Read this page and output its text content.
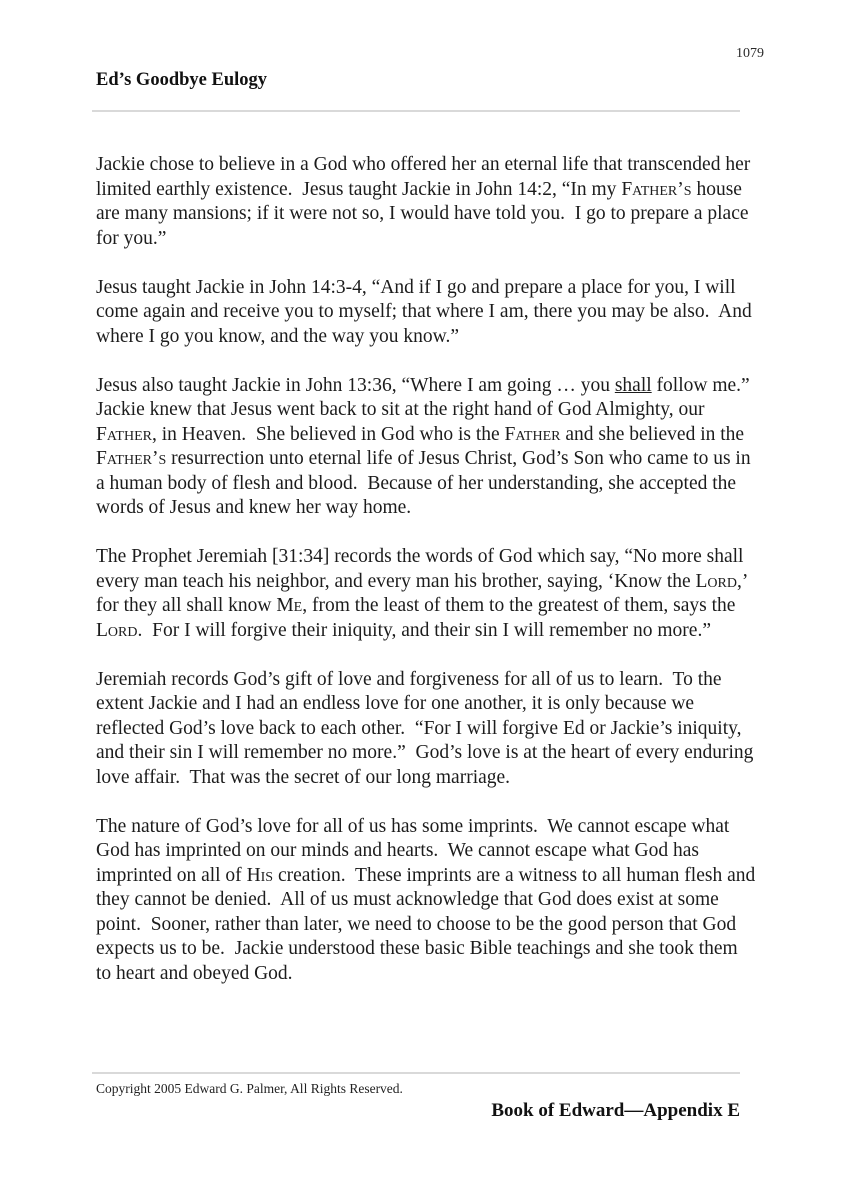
1079
Ed’s Goodbye Eulogy
Jackie chose to believe in a God who offered her an eternal life that transcended her limited earthly existence.  Jesus taught Jackie in John 14:2, “In my Father’s house are many mansions; if it were not so, I would have told you.  I go to prepare a place for you.”
Jesus taught Jackie in John 14:3-4, “And if I go and prepare a place for you, I will come again and receive you to myself; that where I am, there you may be also.  And where I go you know, and the way you know.”
Jesus also taught Jackie in John 13:36, “Where I am going … you shall follow me.”  Jackie knew that Jesus went back to sit at the right hand of God Almighty, our Father, in Heaven.  She believed in God who is the Father and she believed in the Father’s resurrection unto eternal life of Jesus Christ, God’s Son who came to us in a human body of flesh and blood.  Because of her understanding, she accepted the words of Jesus and knew her way home.
The Prophet Jeremiah [31:34] records the words of God which say, “No more shall every man teach his neighbor, and every man his brother, saying, ‘Know the Lord,’ for they all shall know Me, from the least of them to the greatest of them, says the Lord.  For I will forgive their iniquity, and their sin I will remember no more.”
Jeremiah records God’s gift of love and forgiveness for all of us to learn.  To the extent Jackie and I had an endless love for one another, it is only because we reflected God’s love back to each other.  “For I will forgive Ed or Jackie’s iniquity, and their sin I will remember no more.”  God’s love is at the heart of every enduring love affair.  That was the secret of our long marriage.
The nature of God’s love for all of us has some imprints.  We cannot escape what God has imprinted on our minds and hearts.  We cannot escape what God has imprinted on all of His creation.  These imprints are a witness to all human flesh and they cannot be denied.  All of us must acknowledge that God does exist at some point.  Sooner, rather than later, we need to choose to be the good person that God expects us to be.  Jackie understood these basic Bible teachings and she took them to heart and obeyed God.
Copyright 2005 Edward G. Palmer, All Rights Reserved.
Book of Edward—Appendix E
